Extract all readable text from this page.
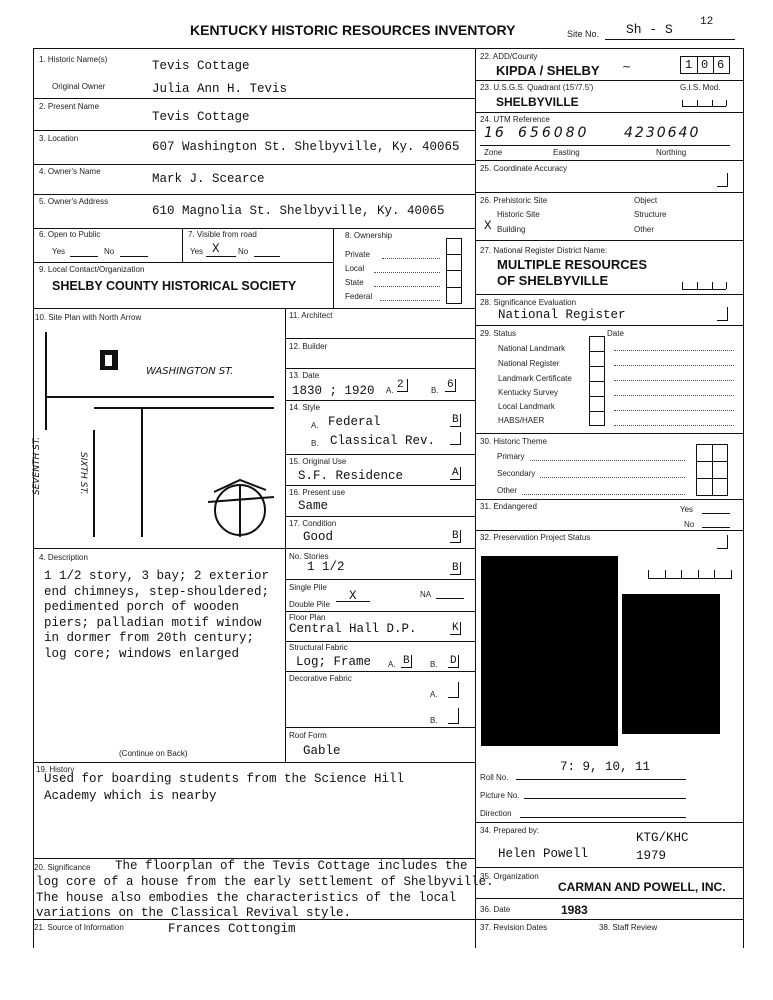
KENTUCKY HISTORIC RESOURCES INVENTORY	Site No. Sh - S 12
1. Historic Name(s)	Tevis Cottage
Original Owner	Julia Ann H. Tevis
2. Present Name
Tevis Cottage
3. Location
607 Washington St. Shelbyville, Ky. 40065
4. Owner's Name
Mark J. Scearce
5. Owner's Address
610 Magnolia St. Shelbyville, Ky. 40065
6. Open to Public
Yes	No
7. Visible from road
Yes X No
8. Ownership
Private
Local
State
Federal
9. Local Contact/Organization
SHELBY COUNTY HISTORICAL SOCIETY
10. Site Plan with North Arrow
WASHINGTON ST.
SIXTH ST.
SEVENTH ST.
4. Description
1 1/2 story, 3 bay; 2 exterior
end chimneys, step-shouldered;
pedimented porch of wooden
piers; palladian motif window
in dormer from 20th century;
log core; windows enlarged
(Continue on Back)
11. Architect
12. Builder
13. Date
1830 ; 1920 A. 2	B. 6
14. Style
A. Federal	B
B. Classical Rev.
15. Original Use
S.F. Residence	A
16. Present use
Same
17. Condition
Good	B
No. Stories
1 1/2	B
Single Pile
X	NA
Double Pile
Floor Plan
Central Hall D.P.	K
Structural Fabric
Log; Frame A. B	B. D
Decorative Fabric
A.
B.
Roof Form
Gable
19. History
Used for boarding students from the Science Hill
Academy which is nearby
20. Significance The floorplan of the Tevis Cottage includes the
log core of a house from the early settlement of Shelbyville.
The house also embodies the characteristics of the local
variations on the Classical Revival style.
21. Source of Information	Frances Cottongim
22. ADD/County
KIPDA / SHELBY ~	1 0 6
23. U.S.G.S. Quadrant (15'/7.5')	G.I.S. Mod.
SHELBYVILLE
24. UTM Reference
16 656080 4230640
Zone	Easting	Northing
25. Coordinate Accuracy
26. Prehistoric Site	Object
Historic Site	Structure
X Building	Other
27. National Register District Name:
MULTIPLE RESOURCES
OF SHELBYVILLE
28. Significance Evaluation
National Register
29. Status	Date
National Landmark
National Register
Landmark Certificate
Kentucky Survey
Local Landmark
HABS/HAER
30. Historic Theme
Primary
Secondary
Other
31. Endangered	Yes
No
32. Preservation Project Status
Roll No.
7: 9, 10, 11
Picture No.
Direction
34. Prepared by:
KTG/KHC
Helen Powell	1979
35. Organization
CARMAN AND POWELL, INC.
36. Date	1983
37. Revision Dates	38. Staff Review
